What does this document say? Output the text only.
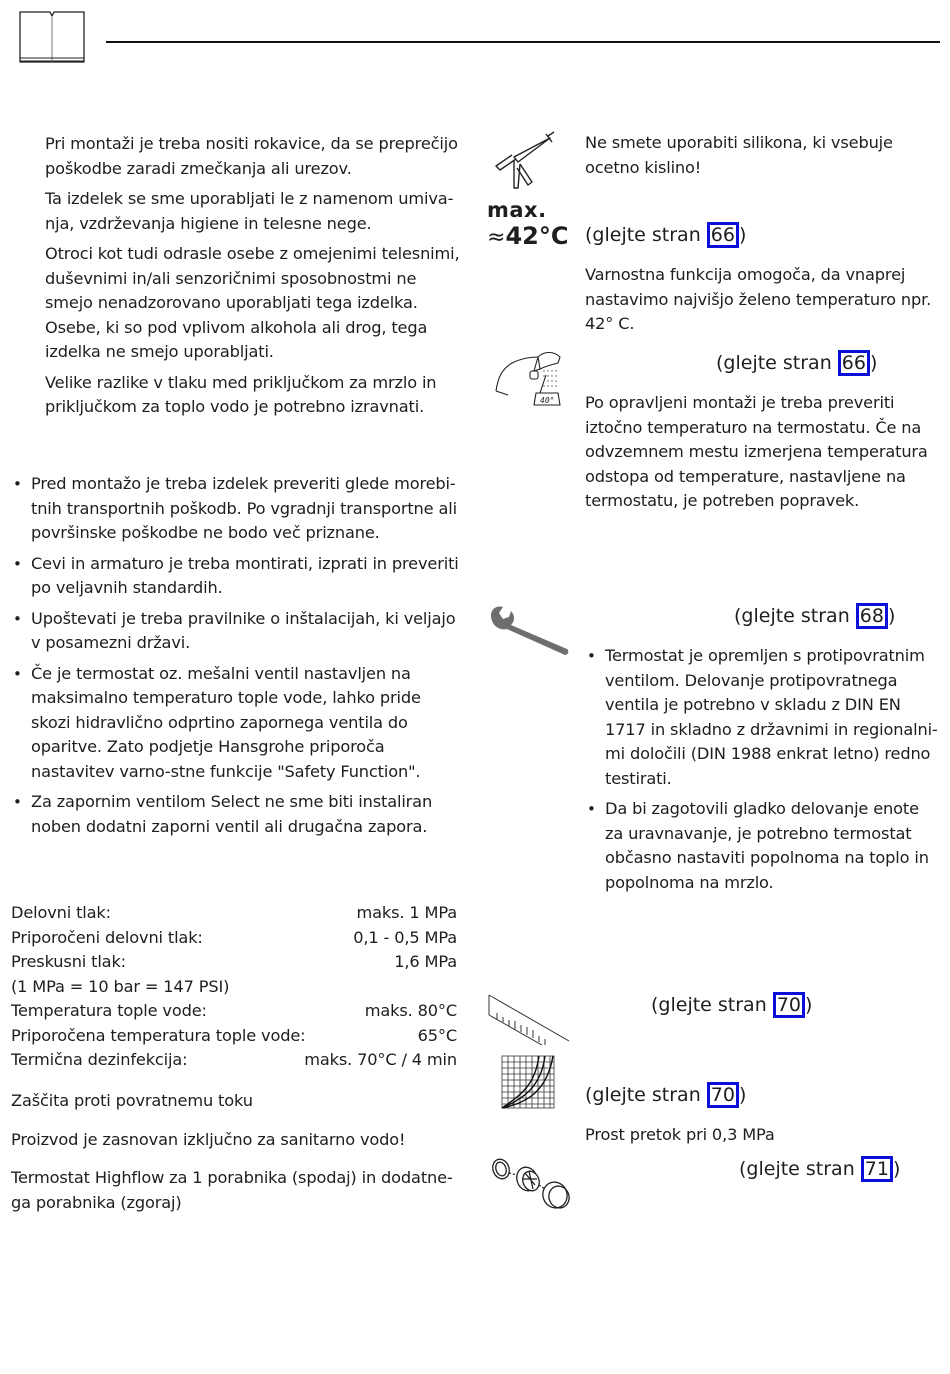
Pri montaži je treba nositi rokavice, da se preprečijo poškodbe zaradi zmečkanja ali urezov.

Ta izdelek se sme uporabljati le z namenom umiva-nja, vzdrževanja higiene in telesne nege.

Otroci kot tudi odrasle osebe z omejenimi telesnimi, duševnimi in/ali senzoričnimi sposobnostmi ne smejo nenadzorovano uporabljati tega izdelka. Osebe, ki so pod vplivom alkohola ali drog, tega izdelka ne smejo uporabljati.

Velike razlike v tlaku med priključkom za mrzlo in priključkom za toplo vodo je potrebno izravnati.

• Pred montažo je treba izdelek preveriti glede morebi-tnih transportnih poškodb. Po vgradnji transportne ali površinske poškodbe ne bodo več priznane.
• Cevi in armaturo je treba montirati, izprati in preveriti po veljavnih standardih.
• Upoštevati je treba pravilnike o inštalacijah, ki veljajo v posamezni državi.
• Če je termostat oz. mešalni ventil nastavljen na maksimalno temperaturo tople vode, lahko pride skozi hidravlično odprtino zapornega ventila do oparitve. Zato podjetje Hansgrohe priporoča nastavitev varno-stne funkcije "Safety Function".
• Za zapornim ventilom Select ne sme biti instaliran noben dodatni zaporni ventil ali drugačna zapora.
Delovni tlak:	maks. 1 MPa
Priporočeni delovni tlak:	0,1 - 0,5 MPa
Preskusni tlak:	1,6 MPa
(1 MPa = 10 bar = 147 PSI)
Temperatura tople vode:	maks. 80°C
Priporočena temperatura tople vode:	65°C
Termična dezinfekcija:	maks. 70°C / 4 min

Zaščita proti povratnemu toku

Proizvod je zasnovan izključno za sanitarno vodo!

Termostat Highflow za 1 porabnika (spodaj) in dodatne-ga porabnika (zgoraj)

Ne smete uporabiti silikona, ki vsebuje ocetno kislino!

max.
≈42°C (glejte stran 66 )

Varnostna funkcija omogoča, da vnaprej nastavimo najvišjo želeno temperaturo npr. 42° C.

40°
(glejte stran 66 )

Po opravljeni montaži je treba preveriti iztočno temperaturo na termostatu. Če na odvzemnem mestu izmerjena temperatura odstopa od temperature, nastavljene na termostatu, je potreben popravek.

(glejte stran 68 )
• Termostat je opremljen s protipovratnim ventilom. Delovanje protipovratnega ventila je potrebno v skladu z DIN EN 1717 in skladno z državnimi in regionalni-mi določili (DIN 1988 enkrat letno) redno testirati.
• Da bi zagotovili gladko delovanje enote za uravnavanje, je potrebno termostat občasno nastaviti popolnoma na toplo in popolnoma na mrzlo.
(glejte stran 70 )
(glejte stran 70 )

Prost pretok pri 0,3 MPa

(glejte stran 71 )
